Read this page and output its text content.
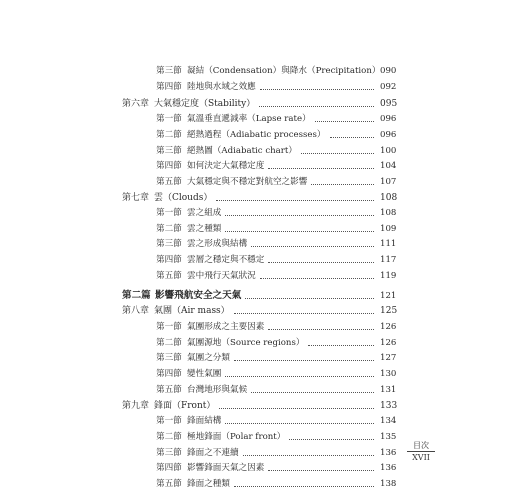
第三節 凝結（Condensation）與降水（Precipitation） 090
第四節 陸地與水域之效應	092
第六章 大氣穩定度（Stability）	095
第一節 氣溫垂直遞減率（Lapse rate）	096
第二節 絕熱過程（Adiabatic processes）	096
第三節 絕熱圖（Adiabatic chart）	100
第四節 如何決定大氣穩定度	104
第五節 大氣穩定與不穩定對航空之影響	107
第七章 雲（Clouds）	108
第一節 雲之組成	108
第二節 雲之種類	109
第三節 雲之形成與結構	111
第四節 雲層之穩定與不穩定	117
第五節 雲中飛行天氣狀況	119
第二篇 影響飛航安全之天氣	121
第八章 氣團（Air mass）	125
第一節 氣團形成之主要因素	126
第二節 氣團源地（Source regions）	126
第三節 氣團之分類	127
第四節 變性氣團	130
第五節 台灣地形與氣候	131
第九章 鋒面（Front）	133
第一節 鋒面結構	134
第二節 極地鋒面（Polar front）	135
第三節 鋒面之不連續	136
第四節 影響鋒面天氣之因素	136
第五節 鋒面之種類	138
目次
XVII
